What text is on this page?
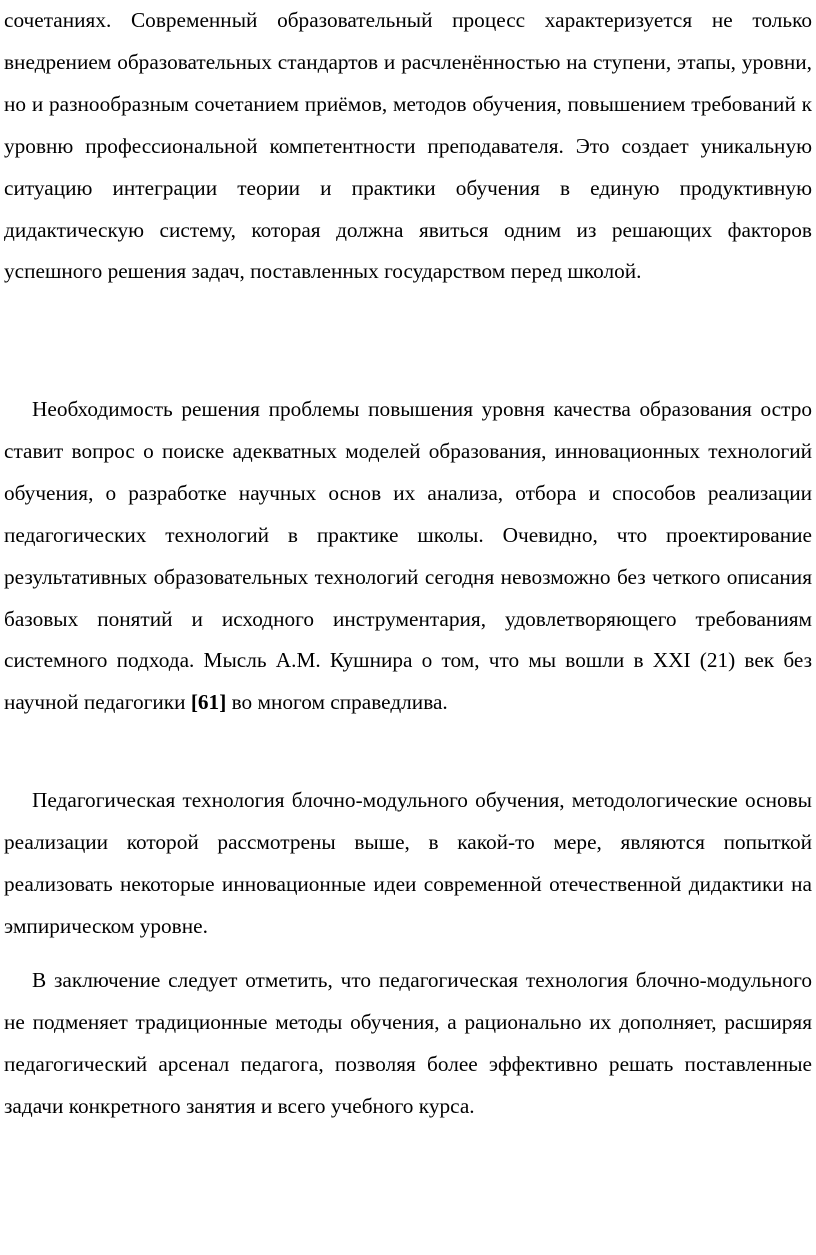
сочетаниях. Современный образовательный процесс характеризуется не только внедрением образовательных стандартов и расчленённостью на ступени, этапы, уровни, но и разнообразным сочетанием приёмов, методов обучения, повышением требований к уровню профессиональной компетентности преподавателя. Это создает уникальную ситуацию интеграции теории и практики обучения в единую продуктивную дидактическую систему, которая должна явиться одним из решающих факторов успешного решения задач, поставленных государством перед школой.

Необходимость решения проблемы повышения уровня качества образования остро ставит вопрос о поиске адекватных моделей образования, инновационных технологий обучения, о разработке научных основ их анализа, отбора и способов реализации педагогических технологий в практике школы. Очевидно, что проектирование результативных образовательных технологий сегодня невозможно без четкого описания базовых понятий и исходного инструментария, удовлетворяющего требованиям системного подхода. Мысль А.М. Кушнира о том, что мы вошли в XXI (21) век без научной педагогики [61] во многом справедлива.

Педагогическая технология блочно-модульного обучения, методологические основы реализации которой рассмотрены выше, в какой-то мере, являются попыткой реализовать некоторые инновационные идеи современной отечественной дидактики на эмпирическом уровне.

В заключение следует отметить, что педагогическая технология блочно-модульного не подменяет традиционные методы обучения, а рационально их дополняет, расширяя педагогический арсенал педагога, позволяя более эффективно решать поставленные задачи конкретного занятия и всего учебного курса.
